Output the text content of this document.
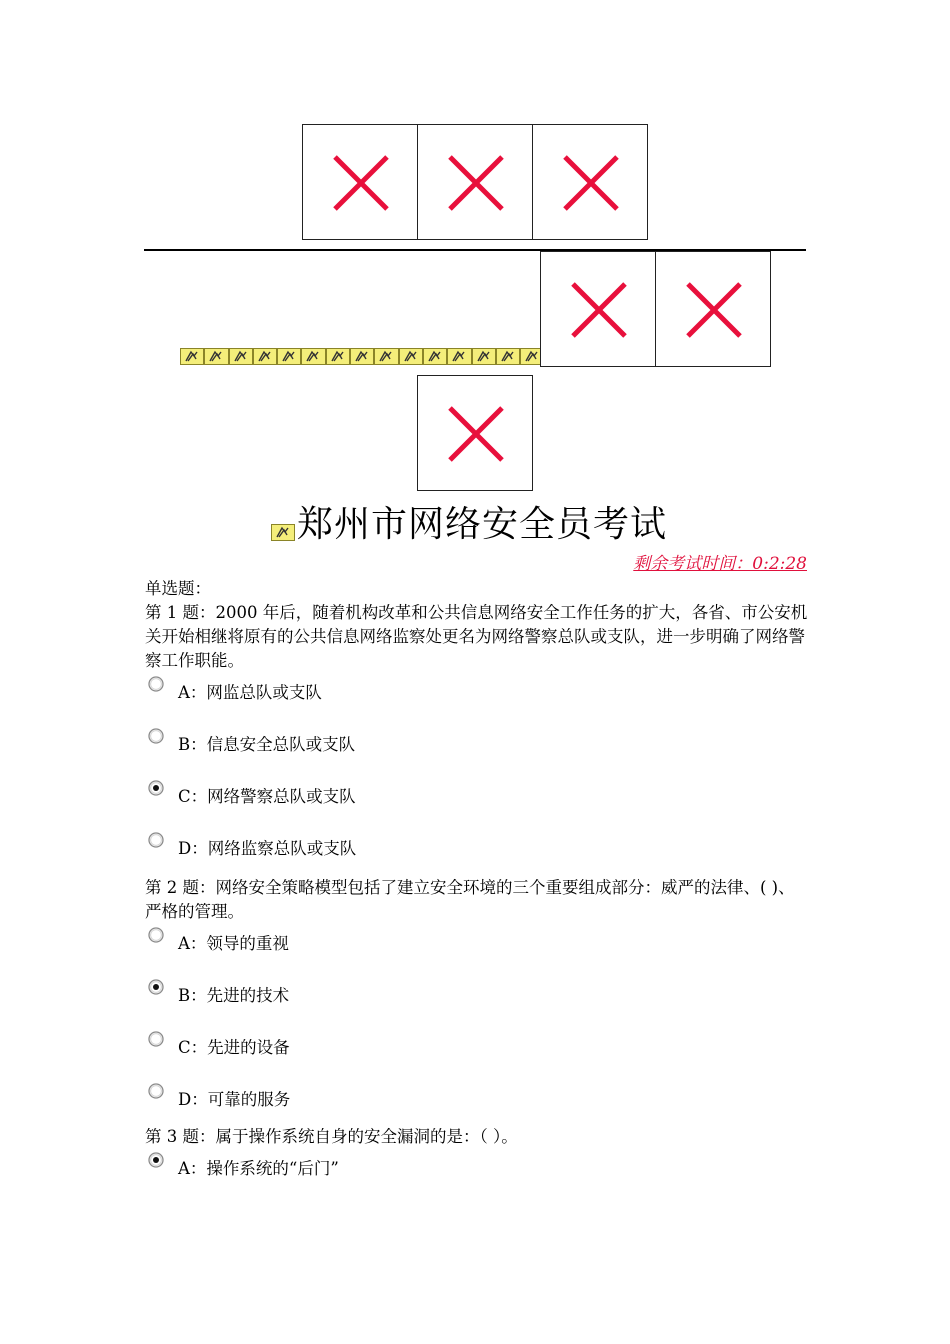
郑州市网络安全员考试
剩余考试时间：0:2:28

单选题：

第 1 题：2000 年后，随着机构改革和公共信息网络安全工作任务的扩大，各省、市公安机关开始相继将原有的公共信息网络监察处更名为网络警察总队或支队，进一步明确了网络警察工作职能。

A：网监总队或支队
B：信息安全总队或支队
C：网络警察总队或支队
D：网络监察总队或支队

第 2 题：网络安全策略模型包括了建立安全环境的三个重要组成部分：威严的法律、( )、严格的管理。

A：领导的重视
B：先进的技术
C：先进的设备
D：可靠的服务

第 3 题：属于操作系统自身的安全漏洞的是：（ ）。

A：操作系统的“后门”
